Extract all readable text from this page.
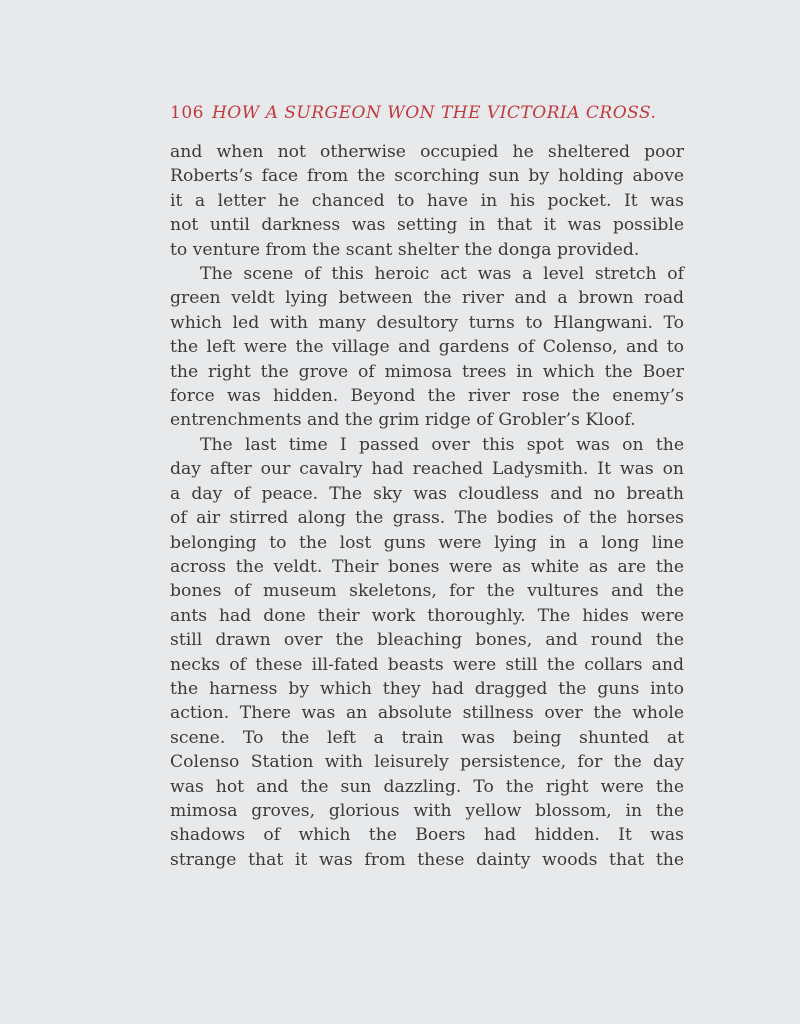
106 HOW A SURGEON WON THE VICTORIA CROSS.
and when not otherwise occupied he sheltered poor
Roberts’s face from the scorching sun by holding above
it a letter he chanced to have in his pocket. It was
not until darkness was setting in that it was possible
to venture from the scant shelter the donga provided.
The scene of this heroic act was a level stretch of
green veldt lying between the river and a brown road
which led with many desultory turns to Hlangwani. To
the left were the village and gardens of Colenso, and to
the right the grove of mimosa trees in which the Boer
force was hidden. Beyond the river rose the enemy’s
entrenchments and the grim ridge of Grobler’s Kloof.
The last time I passed over this spot was on the
day after our cavalry had reached Ladysmith. It was on
a day of peace. The sky was cloudless and no breath
of air stirred along the grass. The bodies of the horses
belonging to the lost guns were lying in a long line
across the veldt. Their bones were as white as are the
bones of museum skeletons, for the vultures and the
ants had done their work thoroughly. The hides were
still drawn over the bleaching bones, and round the
necks of these ill-fated beasts were still the collars and
the harness by which they had dragged the guns into
action. There was an absolute stillness over the whole
scene. To the left a train was being shunted at
Colenso Station with leisurely persistence, for the day
was hot and the sun dazzling. To the right were the
mimosa groves, glorious with yellow blossom, in the
shadows of which the Boers had hidden. It was
strange that it was from these dainty woods that the
